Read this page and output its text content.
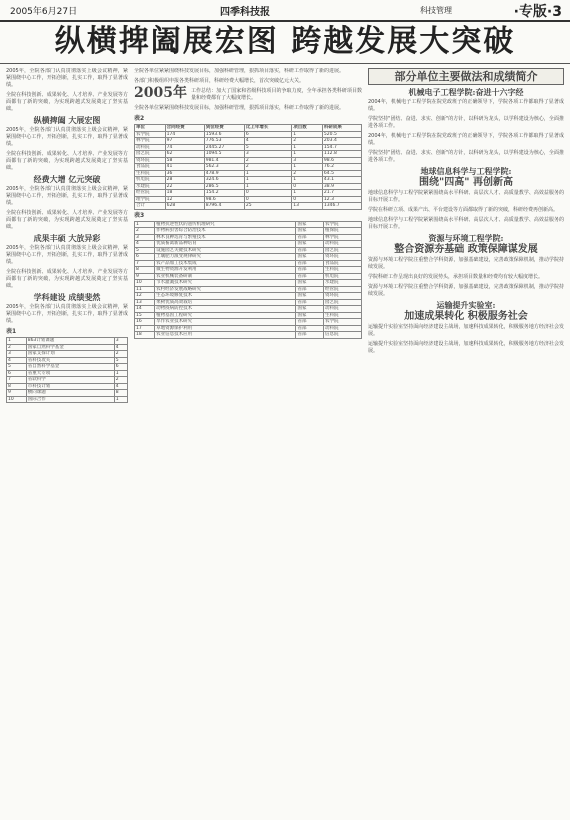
2005年6月27日	四季科技报	科技管理	·专版·3
纵横捭阖展宏图 跨越发展大突破

2005年，全院各部门认真贯彻落实上级会议精神，紧紧围绕中心工作，开拓创新，扎实工作，取得了显著成绩。

全院在科技创新、成果转化、人才培养、产业发展等方面都有了新的突破，为实现跨越式发展奠定了坚实基础。

纵横捭阖 大展宏图

2005年，全院各部门认真贯彻落实上级会议精神，紧紧围绕中心工作，开拓创新，扎实工作，取得了显著成绩。

全院在科技创新、成果转化、人才培养、产业发展等方面都有了新的突破，为实现跨越式发展奠定了坚实基础。

经费大增 亿元突破

2005年，全院各部门认真贯彻落实上级会议精神，紧紧围绕中心工作，开拓创新，扎实工作，取得了显著成绩。

全院在科技创新、成果转化、人才培养、产业发展等方面都有了新的突破，为实现跨越式发展奠定了坚实基础。

成果丰硕 大放异彩

2005年，全院各部门认真贯彻落实上级会议精神，紧紧围绕中心工作，开拓创新，扎实工作，取得了显著成绩。

全院在科技创新、成果转化、人才培养、产业发展等方面都有了新的突破，为实现跨越式发展奠定了坚实基础。

学科建设 成绩斐然

2005年，全院各部门认真贯彻落实上级会议精神，紧紧围绕中心工作，开拓创新，扎实工作，取得了显著成绩。

表1
1	863计划课题	3
2	国家自然科学基金	4
3	国家支撑计划	2
4	省科技攻关	5
5	省自然科学基金	6
6	省重大专项	1
7	省软科学	2
8	市科技计划	4
9	横向课题	8
10	国际合作	1

全院各单位紧紧围绕科技发展目标，加强科研管理，狠抓项目落实，科研工作取得了新的进展。

各部门积极组织申报各类科研项目，科研经费大幅增长，首次突破亿元大关。

2005年 工作总结：加大了国家和省级科技项目的争取力度，全年承担各类科研项目数量和经费都有了大幅度增长。

全院各单位紧紧围绕科技发展目标，加强科研管理，狠抓项目落实，科研工作取得了新的进展。

表2
单位	合同经费	到位经费	比上年增长	项目数	科研成果
农学院	174	1593.6	6	1	520.5
林学院	97	776.53	4	2	203.4
动科院	74	2445.27	5	1	154.7
园艺院	62	1094.5	3	1	112.8
资环院	58	981.4	2	3	98.6
食品院	41	562.3	2	1	76.2
生科院	36	478.9	1	2	64.5
机电院	28	324.6	1	1	43.1
水建院	22	286.5	1	0	38.9
经管院	18	154.2	0	1	21.7
理学院	12	98.6	0	0	12.3
合计	628	8796.4	25	13	1346.7
表3
1	植物抗逆性状的遗传机理研究	国家	农学院
2	作物病虫害综合防治技术	国家	植保院
3	林木良种选育与繁殖技术	省部	林学院
4	优质畜禽新品种培育	国家	动科院
5	设施园艺关键技术研究	省部	园艺院
6	土壤肥力演变规律研究	国家	资环院
7	农产品加工技术集成	省部	食品院
8	微生物资源开发利用	省部	生科院
9	农业机械装备研制	省部	机电院
10	节水灌溉技术研究	国家	水建院
11	农村经济发展战略研究	省部	经管院
12	生态环境修复技术	国家	资环院
13	果树优质高效栽培	省部	园艺院
14	动物疫病防控技术	国家	动科院
15	植物基因工程研究	国家	生科院
16	旱作农业技术研究	省部	农学院
17	草地资源保护利用	省部	动科院
18	农业信息技术应用	省部	信息院
部分单位主要做法和成绩简介
机械电子工程学院:奋进十六字经

2004年，机械电子工程学院在院党政班子的正确领导下，学院各项工作都取得了显著成绩。

学院坚持"团结、奋进、求实、创新"的方针，以科研为龙头，以学科建设为核心，全面推进各项工作。

2004年，机械电子工程学院在院党政班子的正确领导下，学院各项工作都取得了显著成绩。

学院坚持"团结、奋进、求实、创新"的方针，以科研为龙头，以学科建设为核心，全面推进各项工作。

地球信息科学与工程学院:
围绕"四高" 再创新高

地球信息科学与工程学院紧紧围绕高水平科研、高层次人才、高质量教学、高效益服务的目标开展工作。

学院在科研立项、成果产出、平台建设等方面都取得了新的突破，科研经费再创新高。

地球信息科学与工程学院紧紧围绕高水平科研、高层次人才、高质量教学、高效益服务的目标开展工作。

资源与环境工程学院:
整合资源夯基础 政策保障谋发展

资源与环境工程学院注重整合学科资源，加强基础建设，完善政策保障机制，推动学院持续发展。

学院科研工作呈现出良好的发展势头，承担项目数量和经费均有较大幅度增长。

资源与环境工程学院注重整合学科资源，加强基础建设，完善政策保障机制，推动学院持续发展。

运输提升实验室:
加速成果转化 积极服务社会

运输提升实验室坚持面向经济建设主战场，加速科技成果转化，积极服务地方经济社会发展。

运输提升实验室坚持面向经济建设主战场，加速科技成果转化，积极服务地方经济社会发展。
